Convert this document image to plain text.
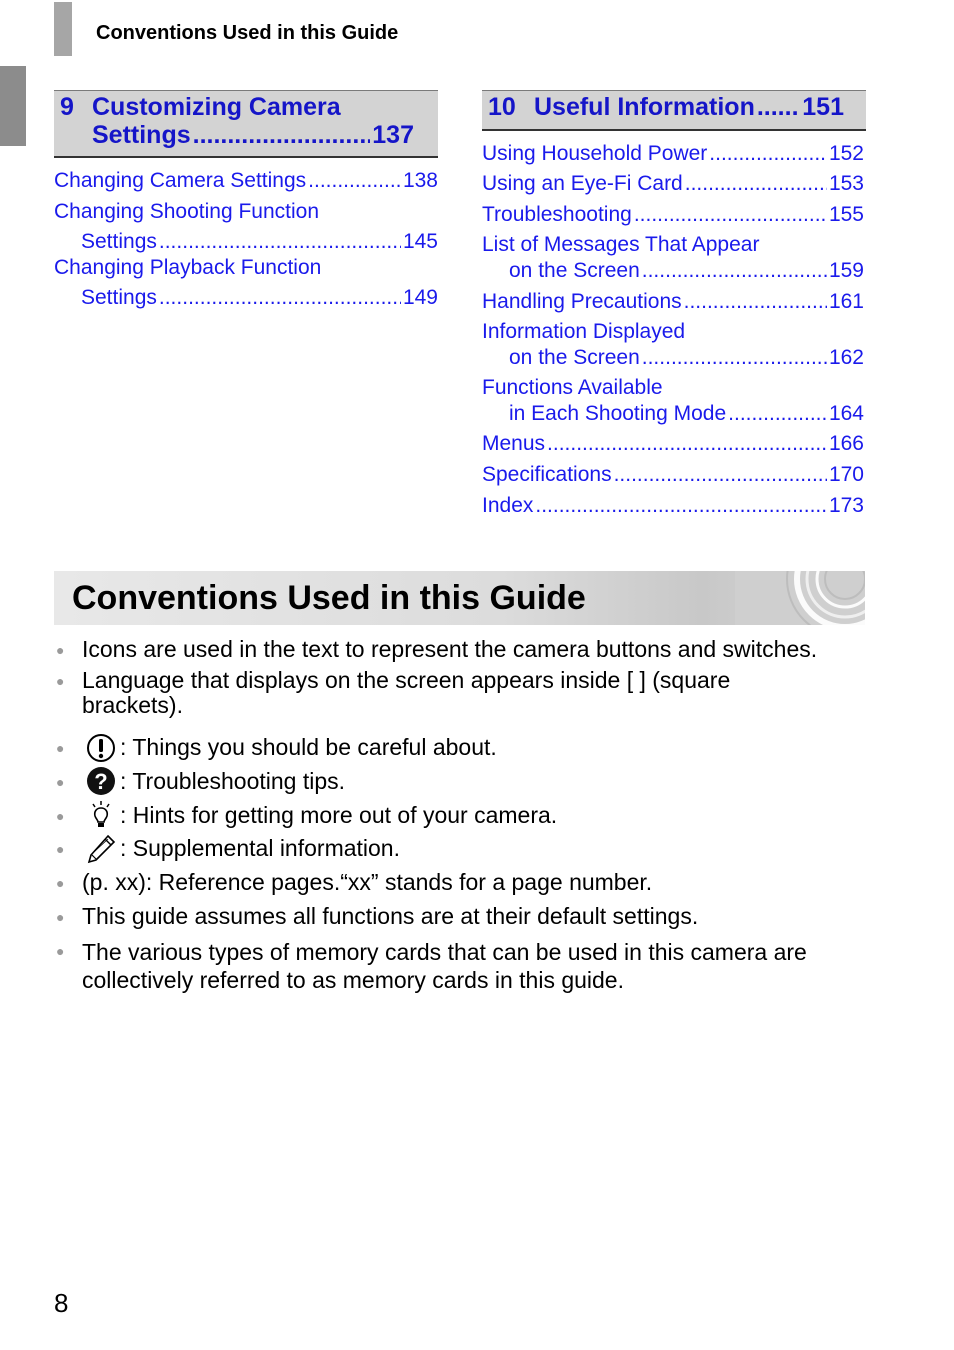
Conventions Used in this Guide
9 Customizing Camera
Settings .....	137
Changing Camera Settings .....	138
Changing Shooting Function
Settings .....	145
Changing Playback Function
Settings .....	149
10 Useful Information ..... 151
Using Household Power .....	152
Using an Eye-Fi Card .....	153
Troubleshooting .....	155
List of Messages That Appear
on the Screen .....	159
Handling Precautions .....	161
Information Displayed
on the Screen .....	162
Functions Available
in Each Shooting Mode .....	164
Menus .....	166
Specifications .....	170
Index .....	173
Conventions Used in this Guide
● Icons are used in the text to represent the camera buttons and switches.
● Language that displays on the screen appears inside [ ] (square brackets).
● : Things you should be careful about.
● ? : Troubleshooting tips.
● : Hints for getting more out of your camera.
● : Supplemental information.
● (p. xx): Reference pages.“xx” stands for a page number.
● This guide assumes all functions are at their default settings.
● The various types of memory cards that can be used in this camera are collectively referred to as memory cards in this guide.
8
